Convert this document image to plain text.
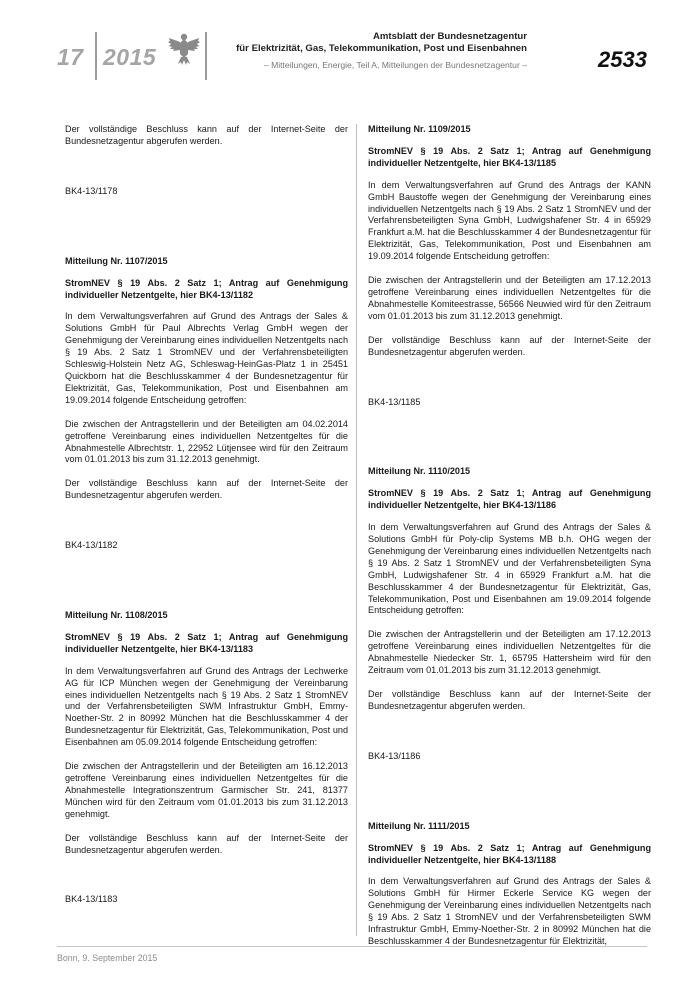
17 2015
Amtsblatt der Bundesnetzagentur
für Elektrizität, Gas, Telekommunikation, Post und Eisenbahnen
– Mitteilungen, Energie, Teil A, Mitteilungen der Bundesnetzagentur –	2533

Der vollständige Beschluss kann auf der Internet-Seite der Bundesnetzagentur abgerufen werden.

BK4-13/1178

Mitteilung Nr. 1107/2015
StromNEV § 19 Abs. 2 Satz 1; Antrag auf Genehmigung individueller Netzentgelte, hier BK4-13/1182

In dem Verwaltungsverfahren auf Grund des Antrags der Sales & Solutions GmbH für Paul Albrechts Verlag GmbH wegen der Genehmigung der Vereinbarung eines individuellen Netzentgelts nach § 19 Abs. 2 Satz 1 StromNEV und der Verfahrensbeteiligten Schleswig-Holstein Netz AG, Schleswag-HeinGas-Platz 1 in 25451 Quickborn hat die Beschlusskammer 4 der Bundesnetzagentur für Elektrizität, Gas, Telekommunikation, Post und Eisenbahnen am 19.09.2014 folgende Entscheidung getroffen:

Die zwischen der Antragstellerin und der Beteiligten am 04.02.2014 getroffene Vereinbarung eines individuellen Netzentgeltes für die Abnahmestelle Albrechtstr. 1, 22952 Lütjensee wird für den Zeitraum vom 01.01.2013 bis zum 31.12.2013 genehmigt.

Der vollständige Beschluss kann auf der Internet-Seite der Bundesnetzagentur abgerufen werden.

BK4-13/1182

Mitteilung Nr. 1108/2015
StromNEV § 19 Abs. 2 Satz 1; Antrag auf Genehmigung individueller Netzentgelte, hier BK4-13/1183

In dem Verwaltungsverfahren auf Grund des Antrags der Lechwerke AG für ICP München wegen der Genehmigung der Vereinbarung eines individuellen Netzentgelts nach § 19 Abs. 2 Satz 1 StromNEV und der Verfahrensbeteiligten SWM Infrastruktur GmbH, Emmy-Noether-Str. 2 in 80992 München hat die Beschlusskammer 4 der Bundesnetzagentur für Elektrizität, Gas, Telekommunikation, Post und Eisenbahnen am 05.09.2014 folgende Entscheidung getroffen:

Die zwischen der Antragstellerin und der Beteiligten am 16.12.2013 getroffene Vereinbarung eines individuellen Netzentgeltes für die Abnahmestelle Integrationszentrum Garmischer Str. 241, 81377 München wird für den Zeitraum vom 01.01.2013 bis zum 31.12.2013 genehmigt.

Der vollständige Beschluss kann auf der Internet-Seite der Bundesnetzagentur abgerufen werden.

BK4-13/1183

Mitteilung Nr. 1109/2015
StromNEV § 19 Abs. 2 Satz 1; Antrag auf Genehmigung individueller Netzentgelte, hier BK4-13/1185

In dem Verwaltungsverfahren auf Grund des Antrags der KANN GmbH Baustoffe wegen der Genehmigung der Vereinbarung eines individuellen Netzentgelts nach § 19 Abs. 2 Satz 1 StromNEV und der Verfahrensbeteiligten Syna GmbH, Ludwigshafener Str. 4 in 65929 Frankfurt a.M. hat die Beschlusskammer 4 der Bundesnetzagentur für Elektrizität, Gas, Telekommunikation, Post und Eisenbahnen am 19.09.2014 folgende Entscheidung getroffen:

Die zwischen der Antragstellerin und der Beteiligten am 17.12.2013 getroffene Vereinbarung eines individuellen Netzentgeltes für die Abnahmestelle Komiteestrasse, 56566 Neuwied wird für den Zeitraum vom 01.01.2013 bis zum 31.12.2013 genehmigt.

Der vollständige Beschluss kann auf der Internet-Seite der Bundesnetzagentur abgerufen werden.

BK4-13/1185

Mitteilung Nr. 1110/2015
StromNEV § 19 Abs. 2 Satz 1; Antrag auf Genehmigung individueller Netzentgelte, hier BK4-13/1186

In dem Verwaltungsverfahren auf Grund des Antrags der Sales & Solutions GmbH für Poly-clip Systems MB b.h. OHG wegen der Genehmigung der Vereinbarung eines individuellen Netzentgelts nach § 19 Abs. 2 Satz 1 StromNEV und der Verfahrensbeteiligten Syna GmbH, Ludwigshafener Str. 4 in 65929 Frankfurt a.M. hat die Beschlusskammer 4 der Bundesnetzagentur für Elektrizität, Gas, Telekommunikation, Post und Eisenbahnen am 19.09.2014 folgende Entscheidung getroffen:

Die zwischen der Antragstellerin und der Beteiligten am 17.12.2013 getroffene Vereinbarung eines individuellen Netzentgeltes für die Abnahmestelle Niedecker Str. 1, 65795 Hattersheim wird für den Zeitraum vom 01.01.2013 bis zum 31.12.2013 genehmigt.

Der vollständige Beschluss kann auf der Internet-Seite der Bundesnetzagentur abgerufen werden.

BK4-13/1186

Mitteilung Nr. 1111/2015
StromNEV § 19 Abs. 2 Satz 1; Antrag auf Genehmigung individueller Netzentgelte, hier BK4-13/1188

In dem Verwaltungsverfahren auf Grund des Antrags der Sales & Solutions GmbH für Hirmer Eckerle Service KG wegen der Genehmigung der Vereinbarung eines individuellen Netzentgelts nach § 19 Abs. 2 Satz 1 StromNEV und der Verfahrensbeteiligten SWM Infrastruktur GmbH, Emmy-Noether-Str. 2 in 80992 München hat die Beschlusskammer 4 der Bundesnetzagentur für Elektrizität,

Bonn, 9. September 2015
